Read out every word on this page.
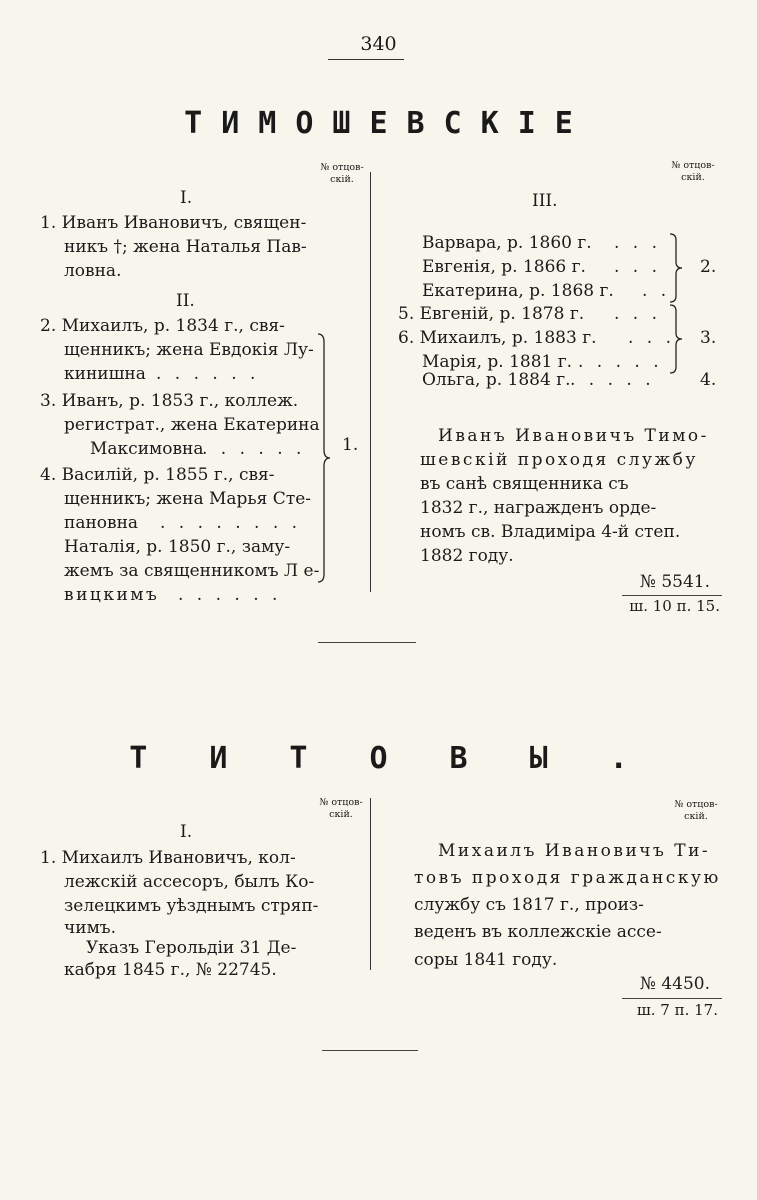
340
ТИМОШЕВСКІЕ
№ отцов-
скій.
№ отцов-
скій.
I.
1. Иванъ Ивановичъ, священ-
никъ †; жена Наталья Пав-
ловна.
II.
2. Михаилъ, р. 1834 г., свя-
щенникъ; жена Евдокія Лу-
кинишна . . . . . .
3. Иванъ, р. 1853 г., коллеж.
регистрат., жена Екатерина
Максимовна
. . . . . .
4. Василій, р. 1855 г., свя-
щенникъ; жена Марья Сте-
пановна . . . . . . . .
Наталія, р. 1850 г., заму-
жемъ за священникомъ Л е-
вицкимъ . . . . . .
1.
III.
Варвара, р. 1860 г. . . .
Евгенія, р. 1866 г. . . .
Екатерина, р. 1868 г. . .
2.
5. Евгеній, р. 1878 г. . . .
6. Михаилъ, р. 1883 г. . . .
Марія, р. 1881 г. . . . . .
3.
Ольга, р. 1884 г. . . . . .	4.
Иванъ Ивановичъ Тимо-
шевскій проходя службу
въ санѣ священника съ
1832 г., награжденъ орде-
номъ св. Владиміра 4-й степ.
1882 году.
№ 5541.
ш. 10 п. 15.
ТИТОВЫ.
№ отцов-
скій.
№ отцов-
скій.
I.
1. Михаилъ Ивановичъ, кол-
лежскій ассесоръ, былъ Ко-
зелецкимъ уѣзднымъ стряп-
чимъ.
Указъ Герольдіи 31 Де-
кабря 1845 г., № 22745.
Михаилъ Ивановичъ Ти-
товъ проходя гражданскую
службу съ 1817 г., произ-
веденъ въ коллежскіе ассе-
соры 1841 году.
№ 4450.
ш. 7 п. 17.
